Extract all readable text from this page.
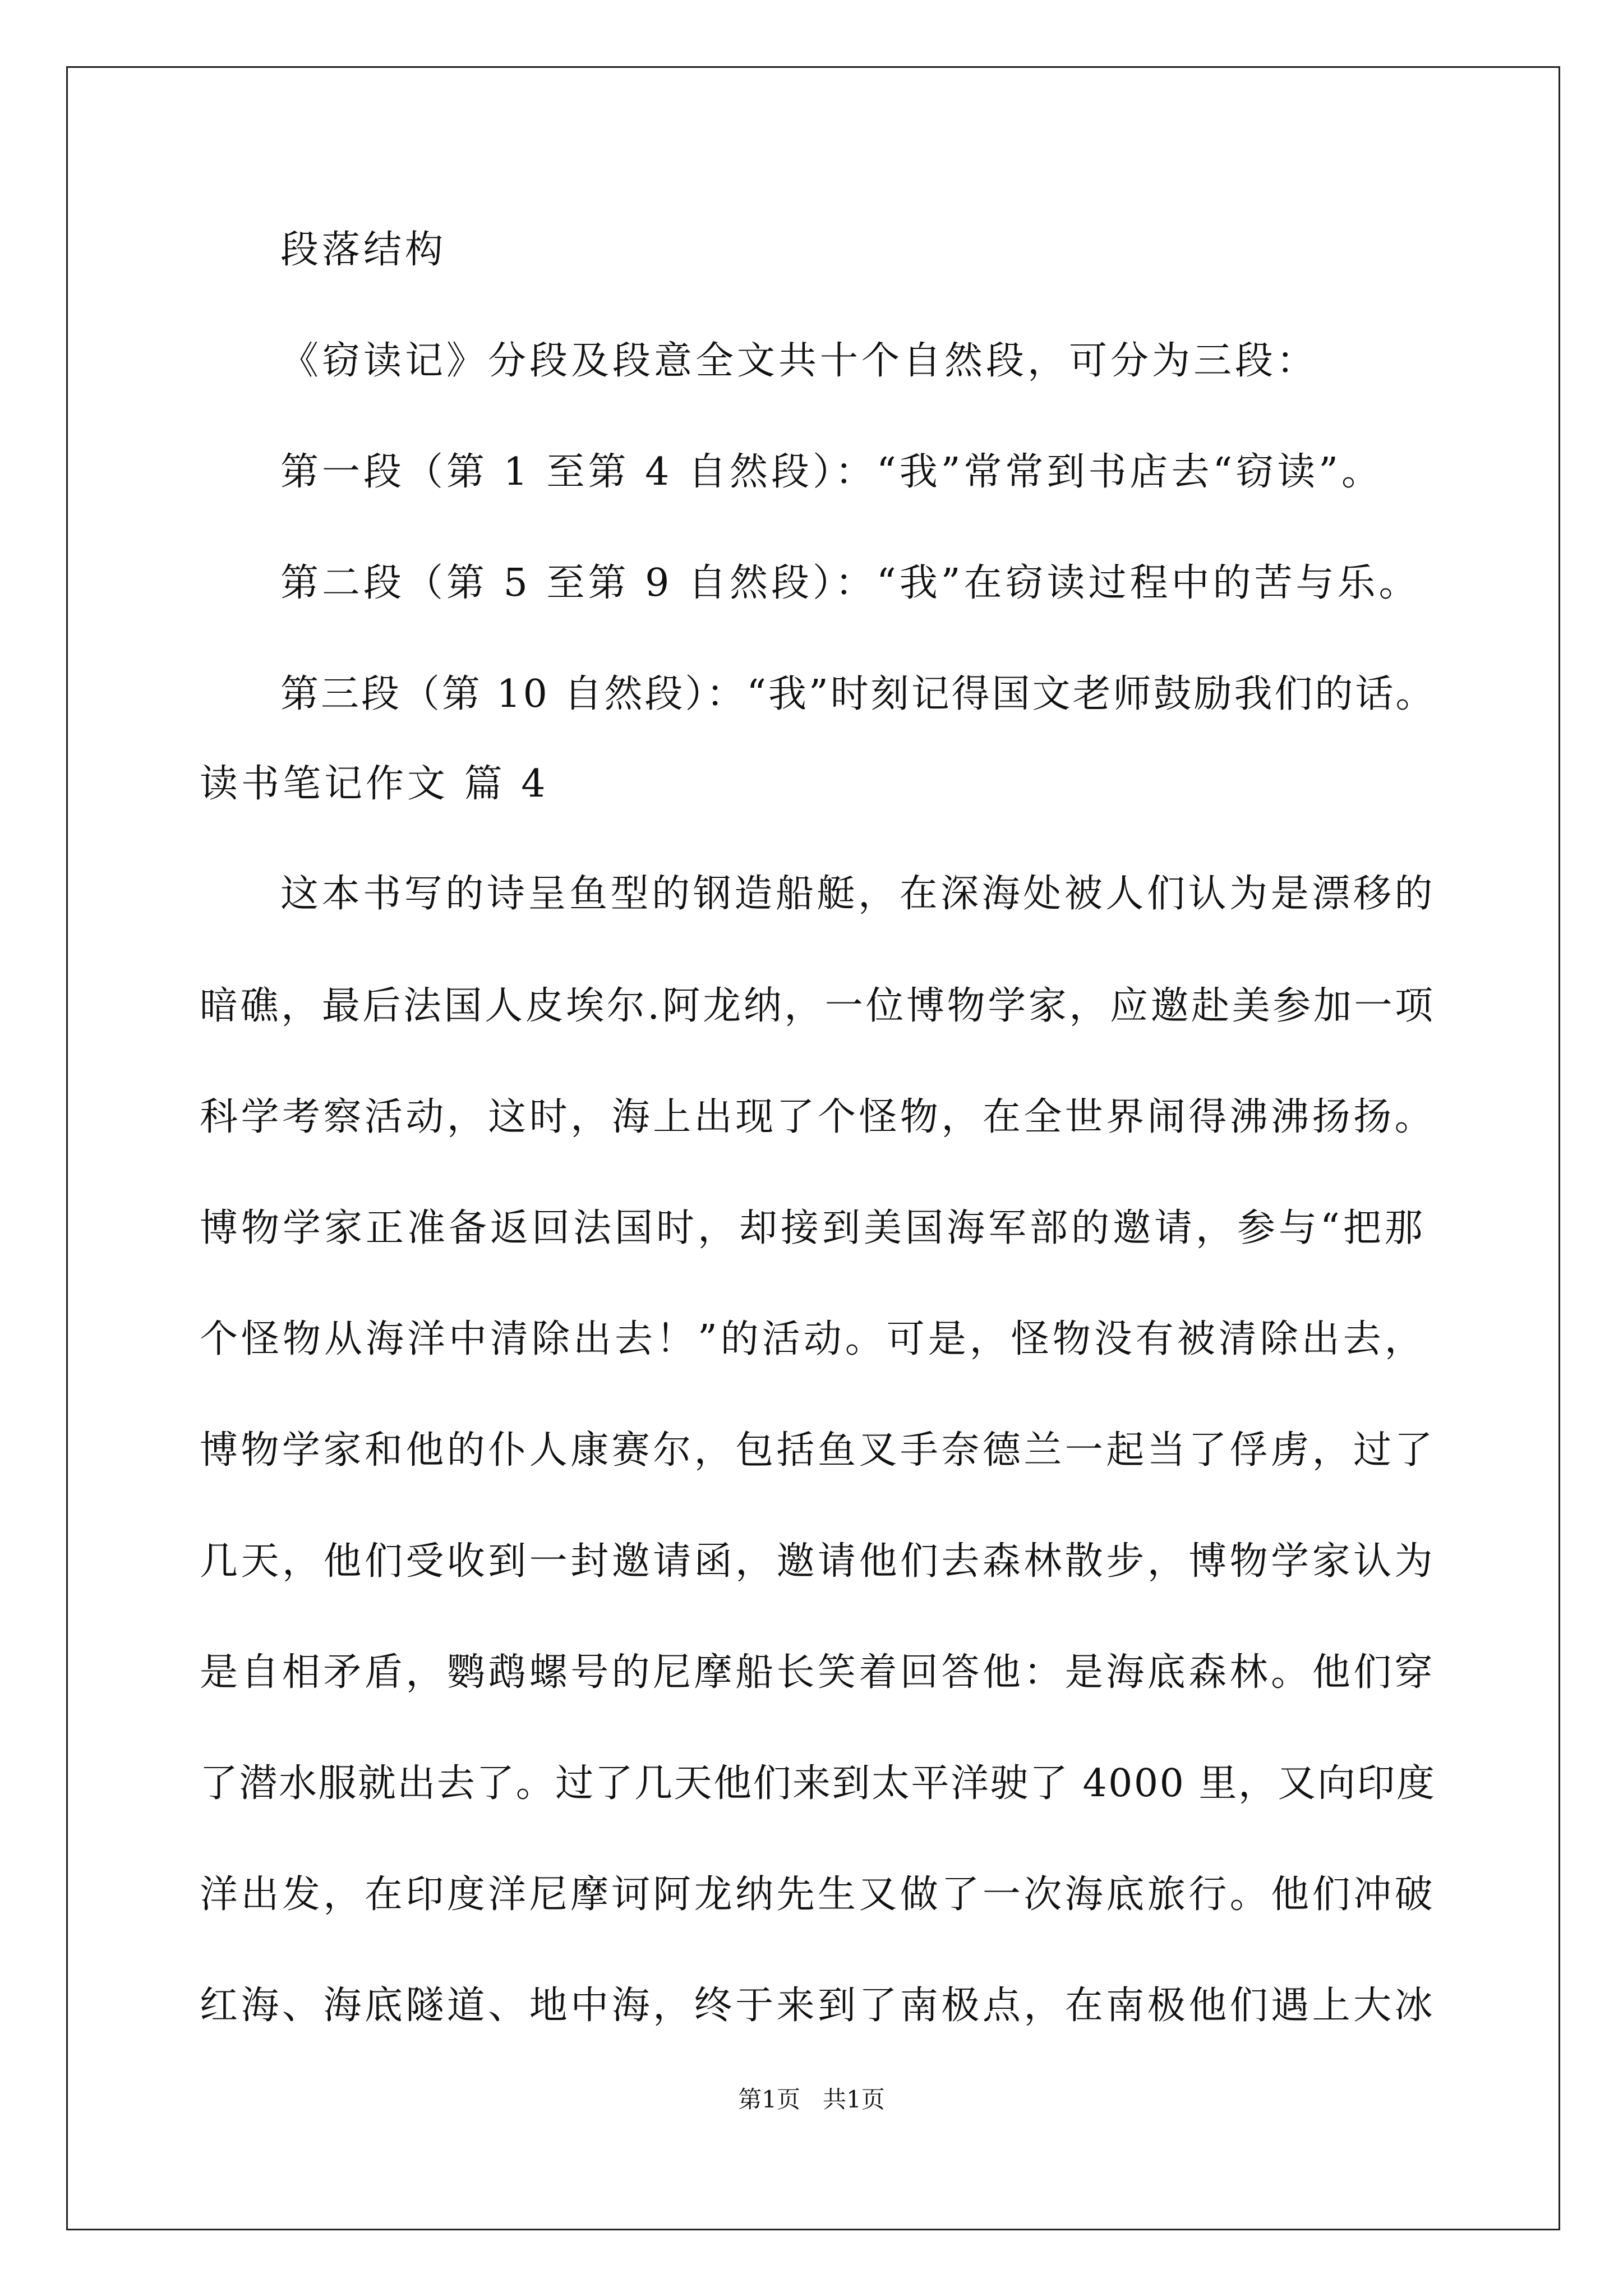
段落结构
《窃读记》分段及段意全文共十个自然段，可分为三段：
第一段（第 1 至第 4 自然段）：“我”常常到书店去“窃读”。
第二段（第 5 至第 9 自然段）：“我”在窃读过程中的苦与乐。
第三段（第 10 自然段）：“我”时刻记得国文老师鼓励我们的话。
读书笔记作文 篇 4
这本书写的诗呈鱼型的钢造船艇，在深海处被人们认为是漂移的
暗礁，最后法国人皮埃尔.阿龙纳，一位博物学家，应邀赴美参加一项
科学考察活动，这时，海上出现了个怪物，在全世界闹得沸沸扬扬。
博物学家正准备返回法国时，却接到美国海军部的邀请，参与“把那
个怪物从海洋中清除出去！”的活动。可是，怪物没有被清除出去，
博物学家和他的仆人康赛尔，包括鱼叉手奈德兰一起当了俘虏，过了
几天，他们受收到一封邀请函，邀请他们去森林散步，博物学家认为
是自相矛盾，鹦鹉螺号的尼摩船长笑着回答他：是海底森林。他们穿
了潜水服就出去了。过了几天他们来到太平洋驶了 4000 里，又向印度
洋出发，在印度洋尼摩诃阿龙纳先生又做了一次海底旅行。他们冲破
红海、海底隧道、地中海，终于来到了南极点，在南极他们遇上大冰
第1页   共1页
